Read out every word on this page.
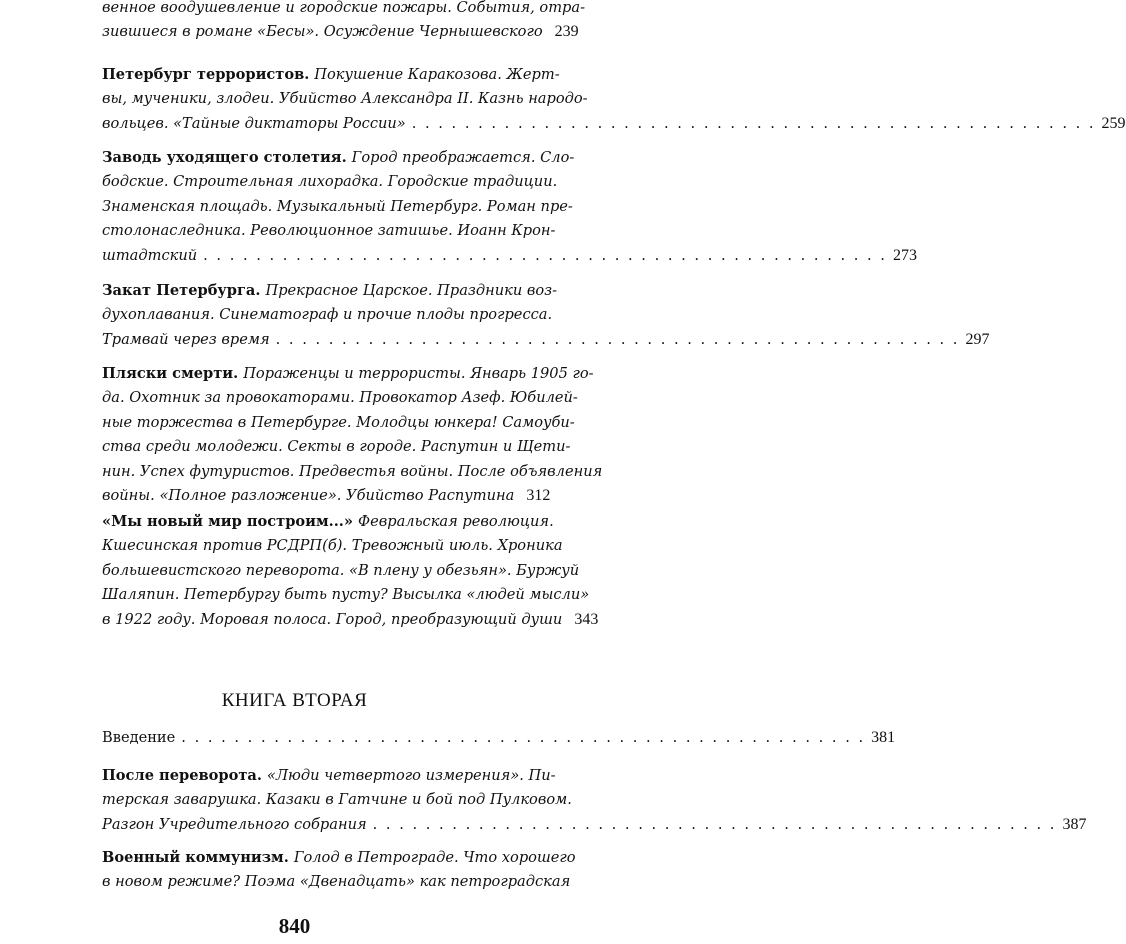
венное воодушевление и городские пожары. События, отра-
зившиеся в романе «Бесы». Осуждение Чернышевского 239
Петербург террористов. Покушение Каракозова. Жерт-
вы, мученики, злодеи. Убийство Александра II. Казнь народо-
вольцев. «Тайные диктаторы России» . . . . . . . . . . . . . . . . . . . . . . . . . . . . . . . . . . . . . . . . . . . . . . . . . . . . 259
Заводь уходящего столетия. Город преображается. Сло-
бодские. Строительная лихорадка. Городские традиции.
Знаменская площадь. Музыкальный Петербург. Роман пре-
столонаследника. Революционное затишье. Иоанн Крон-
штадтский . . . . . . . . . . . . . . . . . . . . . . . . . . . . . . . . . . . . . . . . . . . . . . . . . . . . 273
Закат Петербурга. Прекрасное Царское. Праздники воз-
духоплавания. Синематограф и прочие плоды прогресса.
Трамвай через время . . . . . . . . . . . . . . . . . . . . . . . . . . . . . . . . . . . . . . . . . . . . . . . . . . . . 297
Пляски смерти. Пораженцы и террористы. Январь 1905 го-
да. Охотник за провокаторами. Провокатор Азеф. Юбилей-
ные торжества в Петербурге. Молодцы юнкера! Самоуби-
ства среди молодежи. Секты в городе. Распутин и Щети-
нин. Успех футуристов. Предвестья войны. После объявления
войны. «Полное разложение». Убийство Распутина 312
«Мы новый мир построим...» Февральская революция.
Кшесинская против РСДРП(б). Тревожный июль. Хроника
большевистского переворота. «В плену у обезьян». Буржуй
Шаляпин. Петербургу быть пусту? Высылка «людей мысли»
в 1922 году. Моровая полоса. Город, преобразующий души 343
Введение . . . . . . . . . . . . . . . . . . . . . . . . . . . . . . . . . . . . . . . . . . . . . . . . . . . . 381
После переворота. «Люди четвертого измерения». Пи-
терская заварушка. Казаки в Гатчине и бой под Пулковом.
Разгон Учредительного собрания . . . . . . . . . . . . . . . . . . . . . . . . . . . . . . . . . . . . . . . . . . . . . . . . . . . . 387
Военный коммунизм. Голод в Петрограде. Что хорошего
в новом режиме? Поэма «Двенадцать» как петроградская
КНИГА ВТОРАЯ
840
